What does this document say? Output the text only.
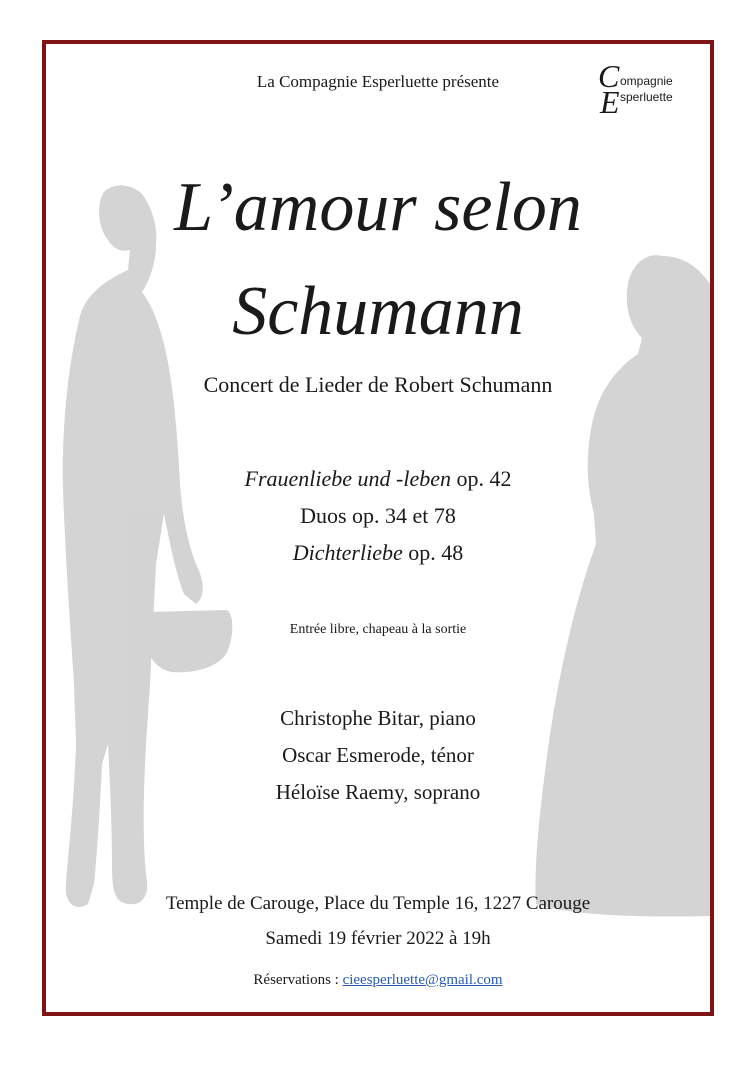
La Compagnie Esperluette présente	C ompagnie
E sperluette
L’amour selon
Schumann
Concert de Lieder de Robert Schumann
Frauenliebe und -leben op. 42
Duos op. 34 et 78
Dichterliebe op. 48
Entrée libre, chapeau à la sortie
Christophe Bitar, piano
Oscar Esmerode, ténor
Héloïse Raemy, soprano
Temple de Carouge, Place du Temple 16, 1227 Carouge
Samedi 19 février 2022 à 19h
Réservations : cieesperluette@gmail.com
